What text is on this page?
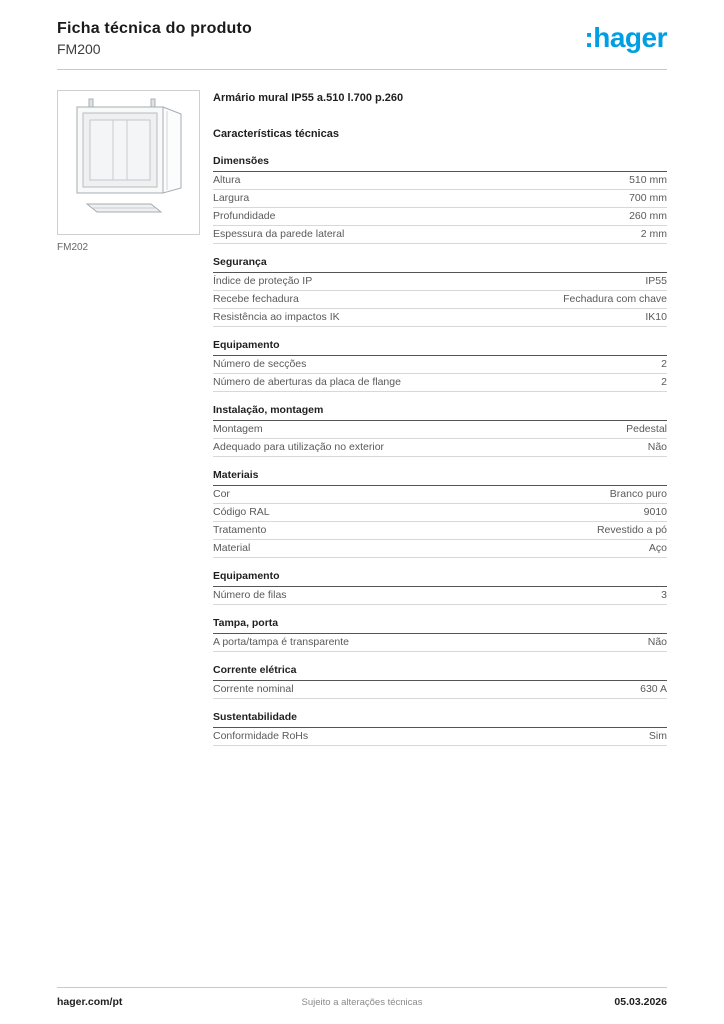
Ficha técnica do produto
FM200	:hager
FM202
Armário mural IP55 a.510 l.700 p.260
Características técnicas
Dimensões
Altura	510 mm
Largura	700 mm
Profundidade	260 mm
Espessura da parede lateral	2 mm
Segurança
Índice de proteção IP	IP55
Recebe fechadura	Fechadura com chave
Resistência ao impactos IK	IK10
Equipamento
Número de secções	2
Número de aberturas da placa de flange	2
Instalação, montagem
Montagem	Pedestal
Adequado para utilização no exterior	Não
Materiais
Cor	Branco puro
Código RAL	9010
Tratamento	Revestido a pó
Material	Aço
Equipamento
Número de filas	3
Tampa, porta
A porta/tampa é transparente	Não
Corrente elétrica
Corrente nominal	630 A
Sustentabilidade
Conformidade RoHs	Sim
hager.com/pt	Sujeito a alterações técnicas	05.03.2026
